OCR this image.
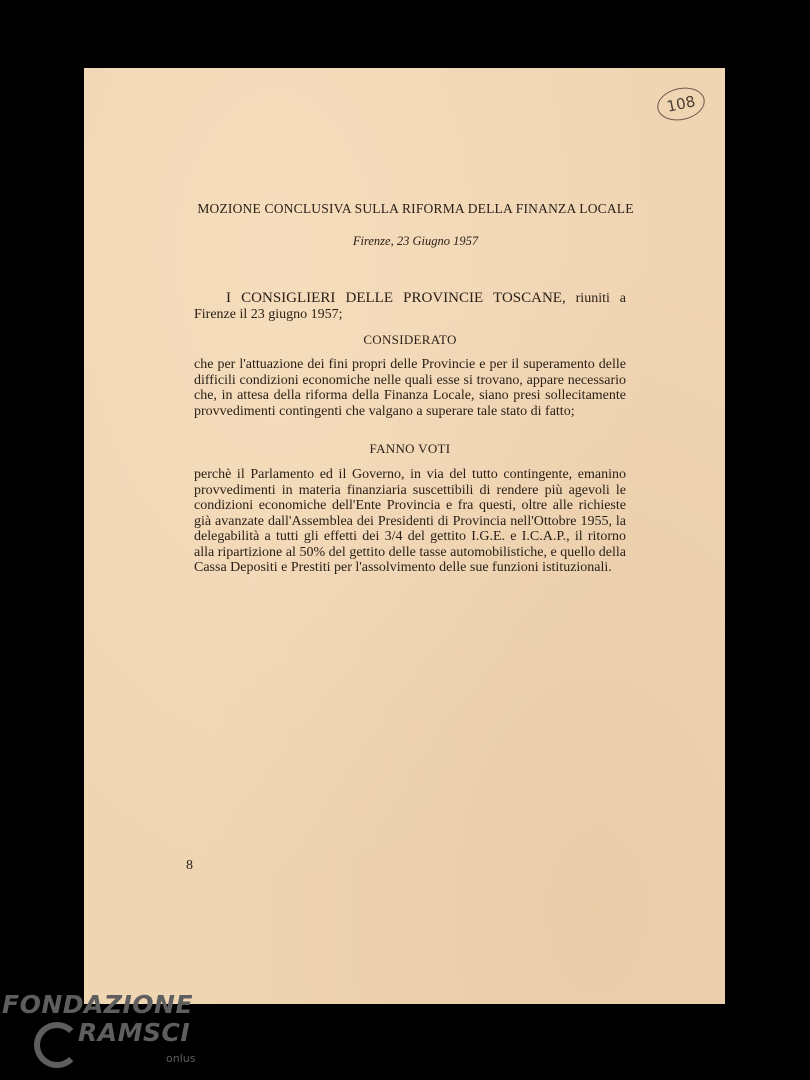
108
MOZIONE CONCLUSIVA SULLA RIFORMA DELLA FINANZA LOCALE
Firenze, 23 Giugno 1957
I CONSIGLIERI DELLE PROVINCIE TOSCANE, riuniti a Firenze il 23 giugno 1957;
CONSIDERATO
che per l'attuazione dei fini propri delle Provincie e per il superamento delle difficili condizioni economiche nelle quali esse si trovano, appare necessario che, in attesa della riforma della Finanza Locale, siano presi sollecitamente provvedimenti contingenti che valgano a superare tale stato di fatto;
FANNO VOTI
perchè il Parlamento ed il Governo, in via del tutto contingente, emanino provvedimenti in materia finanziaria suscettibili di rendere più agevoli le condizioni economiche dell'Ente Provincia e fra questi, oltre alle richieste già avanzate dall'Assemblea dei Presidenti di Provincia nell'Ottobre 1955, la delegabilità a tutti gli effetti dei 3/4 del gettito I.G.E. e I.C.A.P., il ritorno alla ripartizione al 50% del gettito delle tasse automobilistiche, e quello della Cassa Depositi e Prestiti per l'assolvimento delle sue funzioni istituzionali.
8
FONDAZIONE
RAMSCI
onlus
